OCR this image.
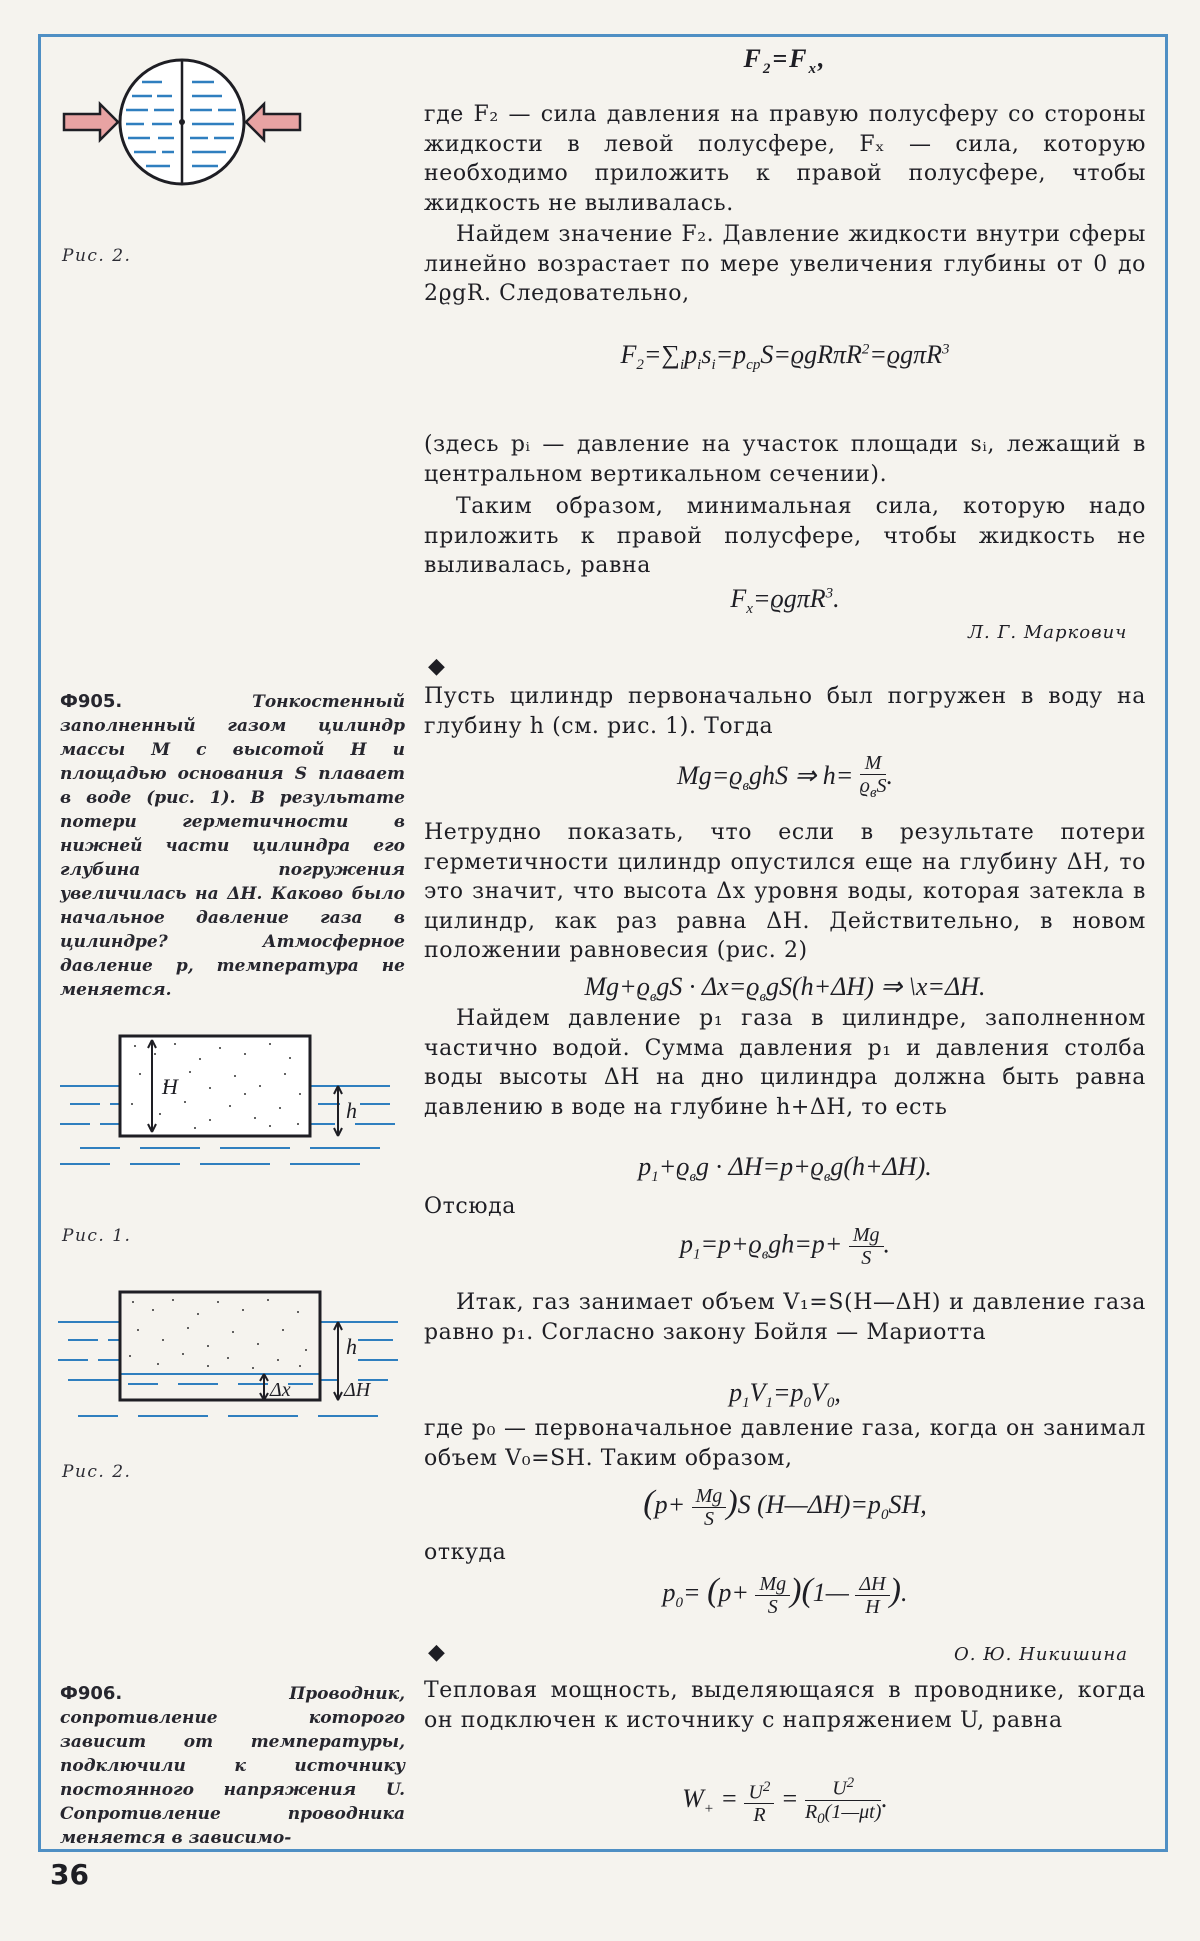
Рис. 2.
$F_2=F_x$,

где F₂ — сила давления на правую полусферу со стороны жидкости в левой полусфере, Fₓ — сила, которую необходимо приложить к правой полусфере, чтобы жидкость не выливалась.

Найдем значение F₂. Давление жидкости внутри сферы линейно возрастает по мере увеличения глубины от 0 до 2ϱgR. Следовательно,

$F_2=\sum_ip_is_i=p_{ср}S=ϱgR\pi R^2=ϱg\pi R^3$

(здесь pᵢ — давление на участок площади sᵢ, лежащий в центральном вертикальном сечении).

Таким образом, минимальная сила, которую надо приложить к правой полусфере, чтобы жидкость не выливалась, равна

$F_x=ϱg\pi R^3$.
Л. Г. Маркович
◆

Ф905.	Тонкостенный заполненный газом цилиндр массы M с высотой H и площадью основания S плавает в воде (рис. 1). В результате потери герметичности в нижней части цилиндра его глубина погружения увеличилась на ΔH. Каково было начальное давление газа в цилиндре? Атмосферное давление p, температура не меняется.

H
h
Рис. 1.
h
Δx	ΔH
Рис. 2.

Пусть цилиндр первоначально был погружен в воду на глубину h (см. рис. 1). Тогда

$Mg=ϱ_вghS$ ⇒ h= M
$ϱ_вS$ .

Нетрудно показать, что если в результате потери герметичности цилиндр опустился еще на глубину ΔH, то это значит, что высота Δx уровня воды, которая затекла в цилиндр, как раз равна ΔH. Действительно, в новом положении равновесия (рис. 2)

$Mg+ϱ_вgS \cdot \Delta x=ϱ_вgS(h+\Delta H)$ ⇒ \x=ΔH.

Найдем давление p₁ газа в цилиндре, заполненном частично водой. Сумма давления p₁ и давления столба воды высоты ΔH на дно цилиндра должна быть равна давлению в воде на глубине h+ΔH, то есть

$p_1+ϱ_вg \cdot \Delta H=p+ϱ_вg(h+\Delta H)$.

Отсюда

$p_1=p+ϱ_вgh=p+ \frac{Mg}{S}$ .

Итак, газ занимает объем V₁=S(H—ΔH) и давление газа равно p₁. Согласно закону Бойля — Мариотта

$p_1V_1=p_0V_0$,

где p₀ — первоначальное давление газа, когда он занимал объем V₀=SH. Таким образом,

$(p+ \frac{Mg}{S} )S$ $(H—\Delta H)=p_0SH$,

откуда

$p_0= (p+ \frac{Mg}{S}$ )(1— $\frac{\Delta H}{H}$ ).
О. Ю. Никишина
◆

Ф906.	Проводник, сопротивление которого зависит от температуры, подключили к источнику постоянного напряжения U. Сопротивление проводника меняется в зависимо-

Тепловая мощность, выделяющаяся в проводнике, когда он подключен к источнику с напряжением U, равна

$W_+ = \frac{U^2}{R} = \frac{U^2}{R_0(1—\mu t)}$ .
36
